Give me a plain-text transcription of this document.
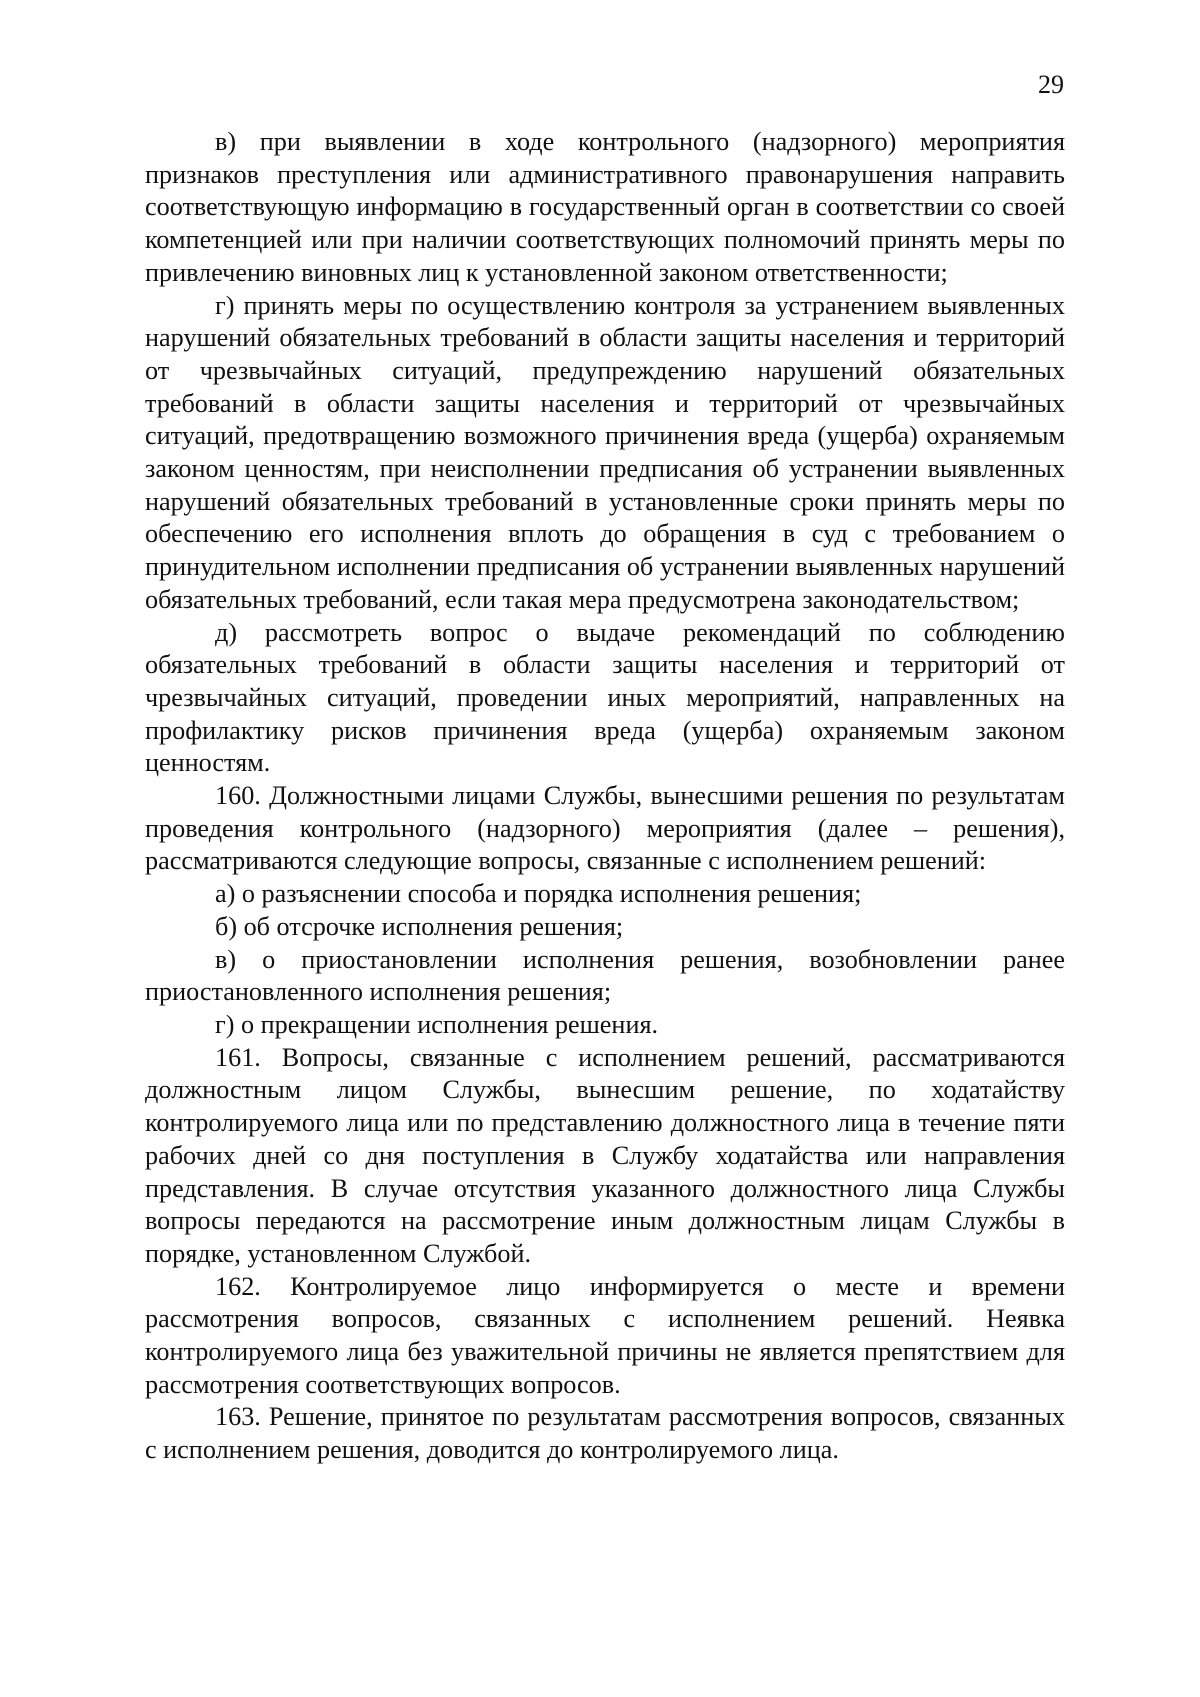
29

в) при выявлении в ходе контрольного (надзорного) мероприятия признаков преступления или административного правонарушения направить соответствующую информацию в государственный орган в соответствии со своей компетенцией или при наличии соответствующих полномочий принять меры по привлечению виновных лиц к установленной законом ответственности;

г) принять меры по осуществлению контроля за устранением выявленных нарушений обязательных требований в области защиты населения и территорий от чрезвычайных ситуаций, предупреждению нарушений обязательных требований в области защиты населения и территорий от чрезвычайных ситуаций, предотвращению возможного причинения вреда (ущерба) охраняемым законом ценностям, при неисполнении предписания об устранении выявленных нарушений обязательных требований в установленные сроки принять меры по обеспечению его исполнения вплоть до обращения в суд с требованием о принудительном исполнении предписания об устранении выявленных нарушений обязательных требований, если такая мера предусмотрена законодательством;

д) рассмотреть вопрос о выдаче рекомендаций по соблюдению обязательных требований в области защиты населения и территорий от чрезвычайных ситуаций, проведении иных мероприятий, направленных на профилактику рисков причинения вреда (ущерба) охраняемым законом ценностям.

160. Должностными лицами Службы, вынесшими решения по результатам проведения контрольного (надзорного) мероприятия (далее – решения), рассматриваются следующие вопросы, связанные с исполнением решений:

а) о разъяснении способа и порядка исполнения решения;

б) об отсрочке исполнения решения;

в) о приостановлении исполнения решения, возобновлении ранее приостановленного исполнения решения;

г) о прекращении исполнения решения.

161. Вопросы, связанные с исполнением решений, рассматриваются должностным лицом Службы, вынесшим решение, по ходатайству контролируемого лица или по представлению должностного лица в течение пяти рабочих дней со дня поступления в Службу ходатайства или направления представления. В случае отсутствия указанного должностного лица Службы вопросы передаются на рассмотрение иным должностным лицам Службы в порядке, установленном Службой.

162. Контролируемое лицо информируется о месте и времени рассмотрения вопросов, связанных с исполнением решений. Неявка контролируемого лица без уважительной причины не является препятствием для рассмотрения соответствующих вопросов.

163. Решение, принятое по результатам рассмотрения вопросов, связанных с исполнением решения, доводится до контролируемого лица.
